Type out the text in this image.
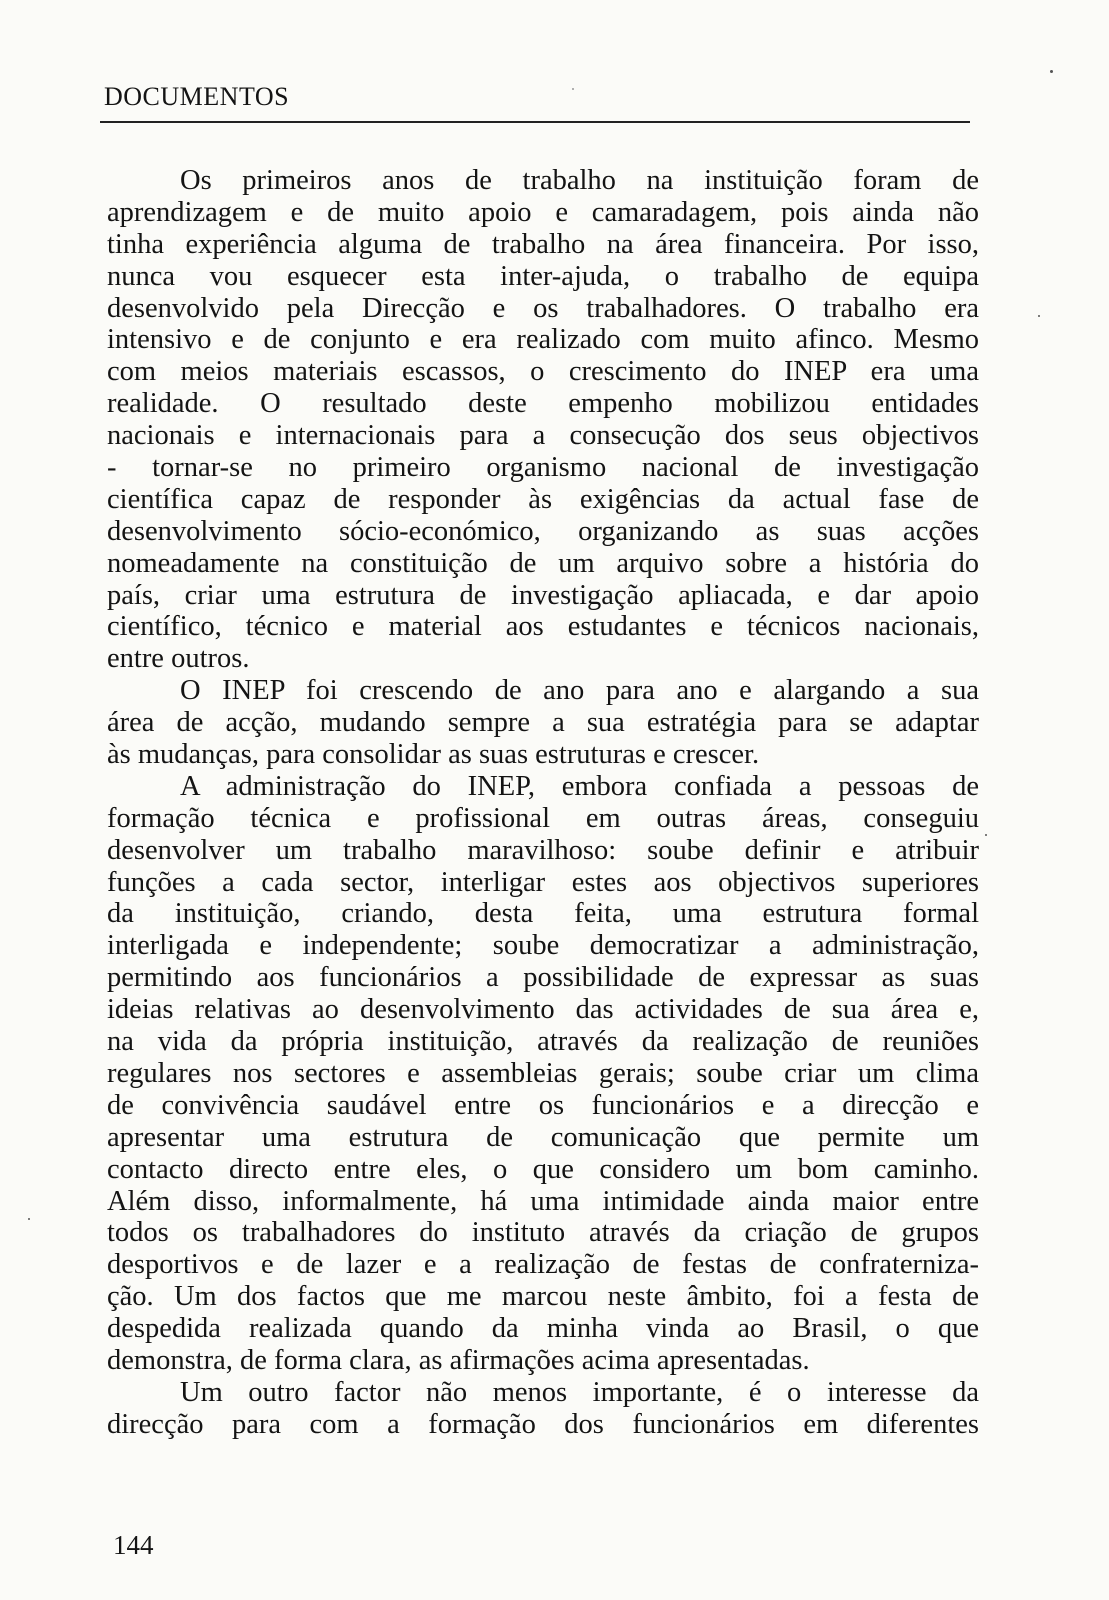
DOCUMENTOS
Os primeiros anos de trabalho na instituição foram de
aprendizagem e de muito apoio e camaradagem, pois ainda não
tinha experiência alguma de trabalho na área financeira. Por isso,
nunca vou esquecer esta inter-ajuda, o trabalho de equipa
desenvolvido pela Direcção e os trabalhadores. O trabalho era
intensivo e de conjunto e era realizado com muito afinco. Mesmo
com meios materiais escassos, o crescimento do INEP era uma
realidade. O resultado deste empenho mobilizou entidades
nacionais e internacionais para a consecução dos seus objectivos
- tornar-se no primeiro organismo nacional de investigação
científica capaz de responder às exigências da actual fase de
desenvolvimento sócio-económico, organizando as suas acções
nomeadamente na constituição de um arquivo sobre a história do
país, criar uma estrutura de investigação apliacada, e dar apoio
científico, técnico e material aos estudantes e técnicos nacionais,
entre outros.
O INEP foi crescendo de ano para ano e alargando a sua
área de acção, mudando sempre a sua estratégia para se adaptar
às mudanças, para consolidar as suas estruturas e crescer.
A administração do INEP, embora confiada a pessoas de
formação técnica e profissional em outras áreas, conseguiu
desenvolver um trabalho maravilhoso: soube definir e atribuir
funções a cada sector, interligar estes aos objectivos superiores
da instituição, criando, desta feita, uma estrutura formal
interligada e independente; soube democratizar a administração,
permitindo aos funcionários a possibilidade de expressar as suas
ideias relativas ao desenvolvimento das actividades de sua área e,
na vida da própria instituição, através da realização de reuniões
regulares nos sectores e assembleias gerais; soube criar um clima
de convivência saudável entre os funcionários e a direcção e
apresentar uma estrutura de comunicação que permite um
contacto directo entre eles, o que considero um bom caminho.
Além disso, informalmente, há uma intimidade ainda maior entre
todos os trabalhadores do instituto através da criação de grupos
desportivos e de lazer e a realização de festas de confraterniza-
ção. Um dos factos que me marcou neste âmbito, foi a festa de
despedida realizada quando da minha vinda ao Brasil, o que
demonstra, de forma clara, as afirmações acima apresentadas.
Um outro factor não menos importante, é o interesse da
direcção para com a formação dos funcionários em diferentes
144
